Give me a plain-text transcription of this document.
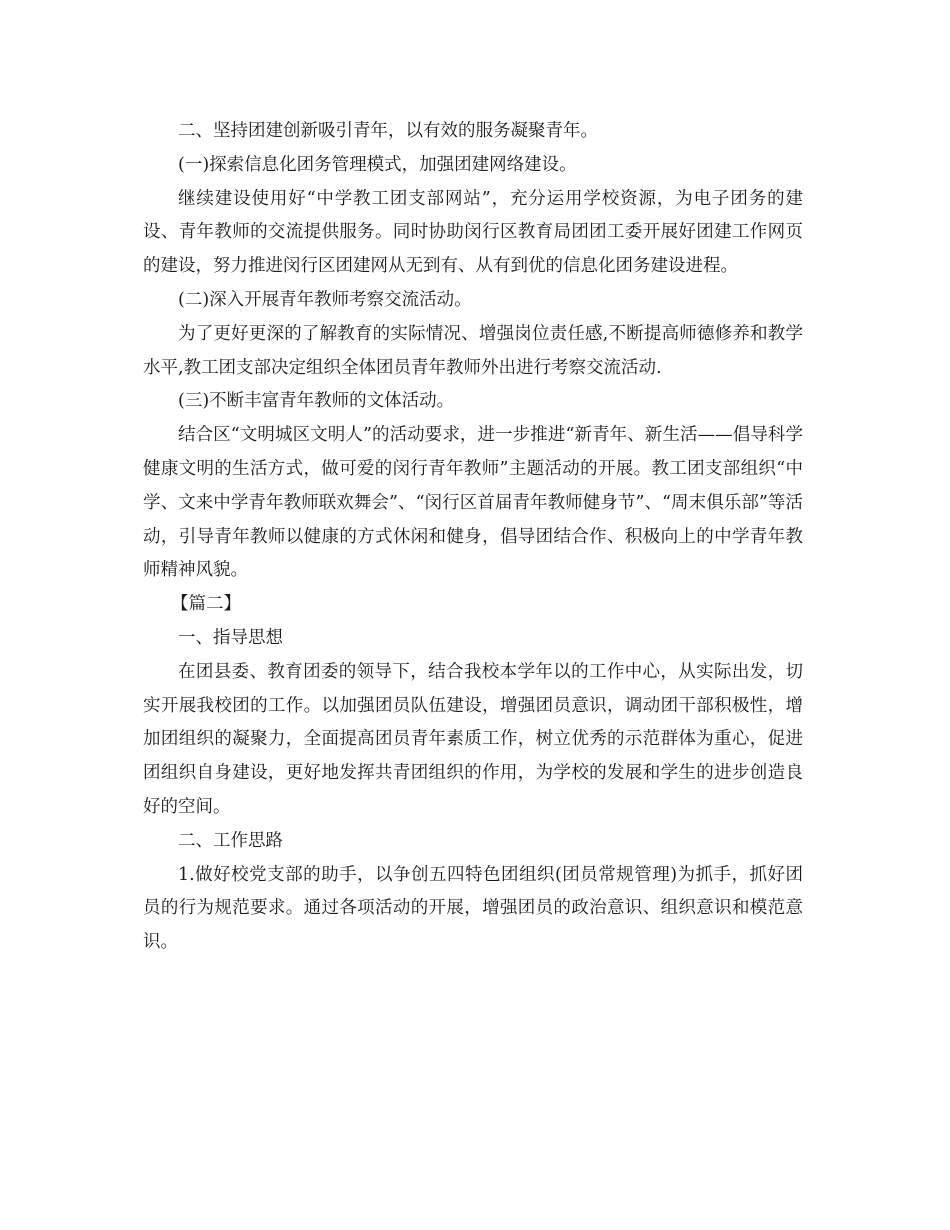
二、坚持团建创新吸引青年，以有效的服务凝聚青年。

(一)探索信息化团务管理模式，加强团建网络建设。

继续建设使用好“中学教工团支部网站”，充分运用学校资源，为电子团务的建设、青年教师的交流提供服务。同时协助闵行区教育局团团工委开展好团建工作网页的建设，努力推进闵行区团建网从无到有、从有到优的信息化团务建设进程。

(二)深入开展青年教师考察交流活动。

为了更好更深的了解教育的实际情况、增强岗位责任感,不断提高师德修养和教学水平,教工团支部决定组织全体团员青年教师外出进行考察交流活动.

(三)不断丰富青年教师的文体活动。

结合区“文明城区文明人”的活动要求，进一步推进“新青年、新生活——倡导科学健康文明的生活方式，做可爱的闵行青年教师”主题活动的开展。教工团支部组织“中学、文来中学青年教师联欢舞会”、“闵行区首届青年教师健身节”、“周末俱乐部”等活动，引导青年教师以健康的方式休闲和健身，倡导团结合作、积极向上的中学青年教师精神风貌。

【篇二】

一、指导思想

在团县委、教育团委的领导下，结合我校本学年以的工作中心，从实际出发，切实开展我校团的工作。以加强团员队伍建设，增强团员意识，调动团干部积极性，增加团组织的凝聚力，全面提高团员青年素质工作，树立优秀的示范群体为重心，促进团组织自身建设，更好地发挥共青团组织的作用，为学校的发展和学生的进步创造良好的空间。

二、工作思路

1.做好校党支部的助手，以争创五四特色团组织(团员常规管理)为抓手，抓好团员的行为规范要求。通过各项活动的开展，增强团员的政治意识、组织意识和模范意识。
